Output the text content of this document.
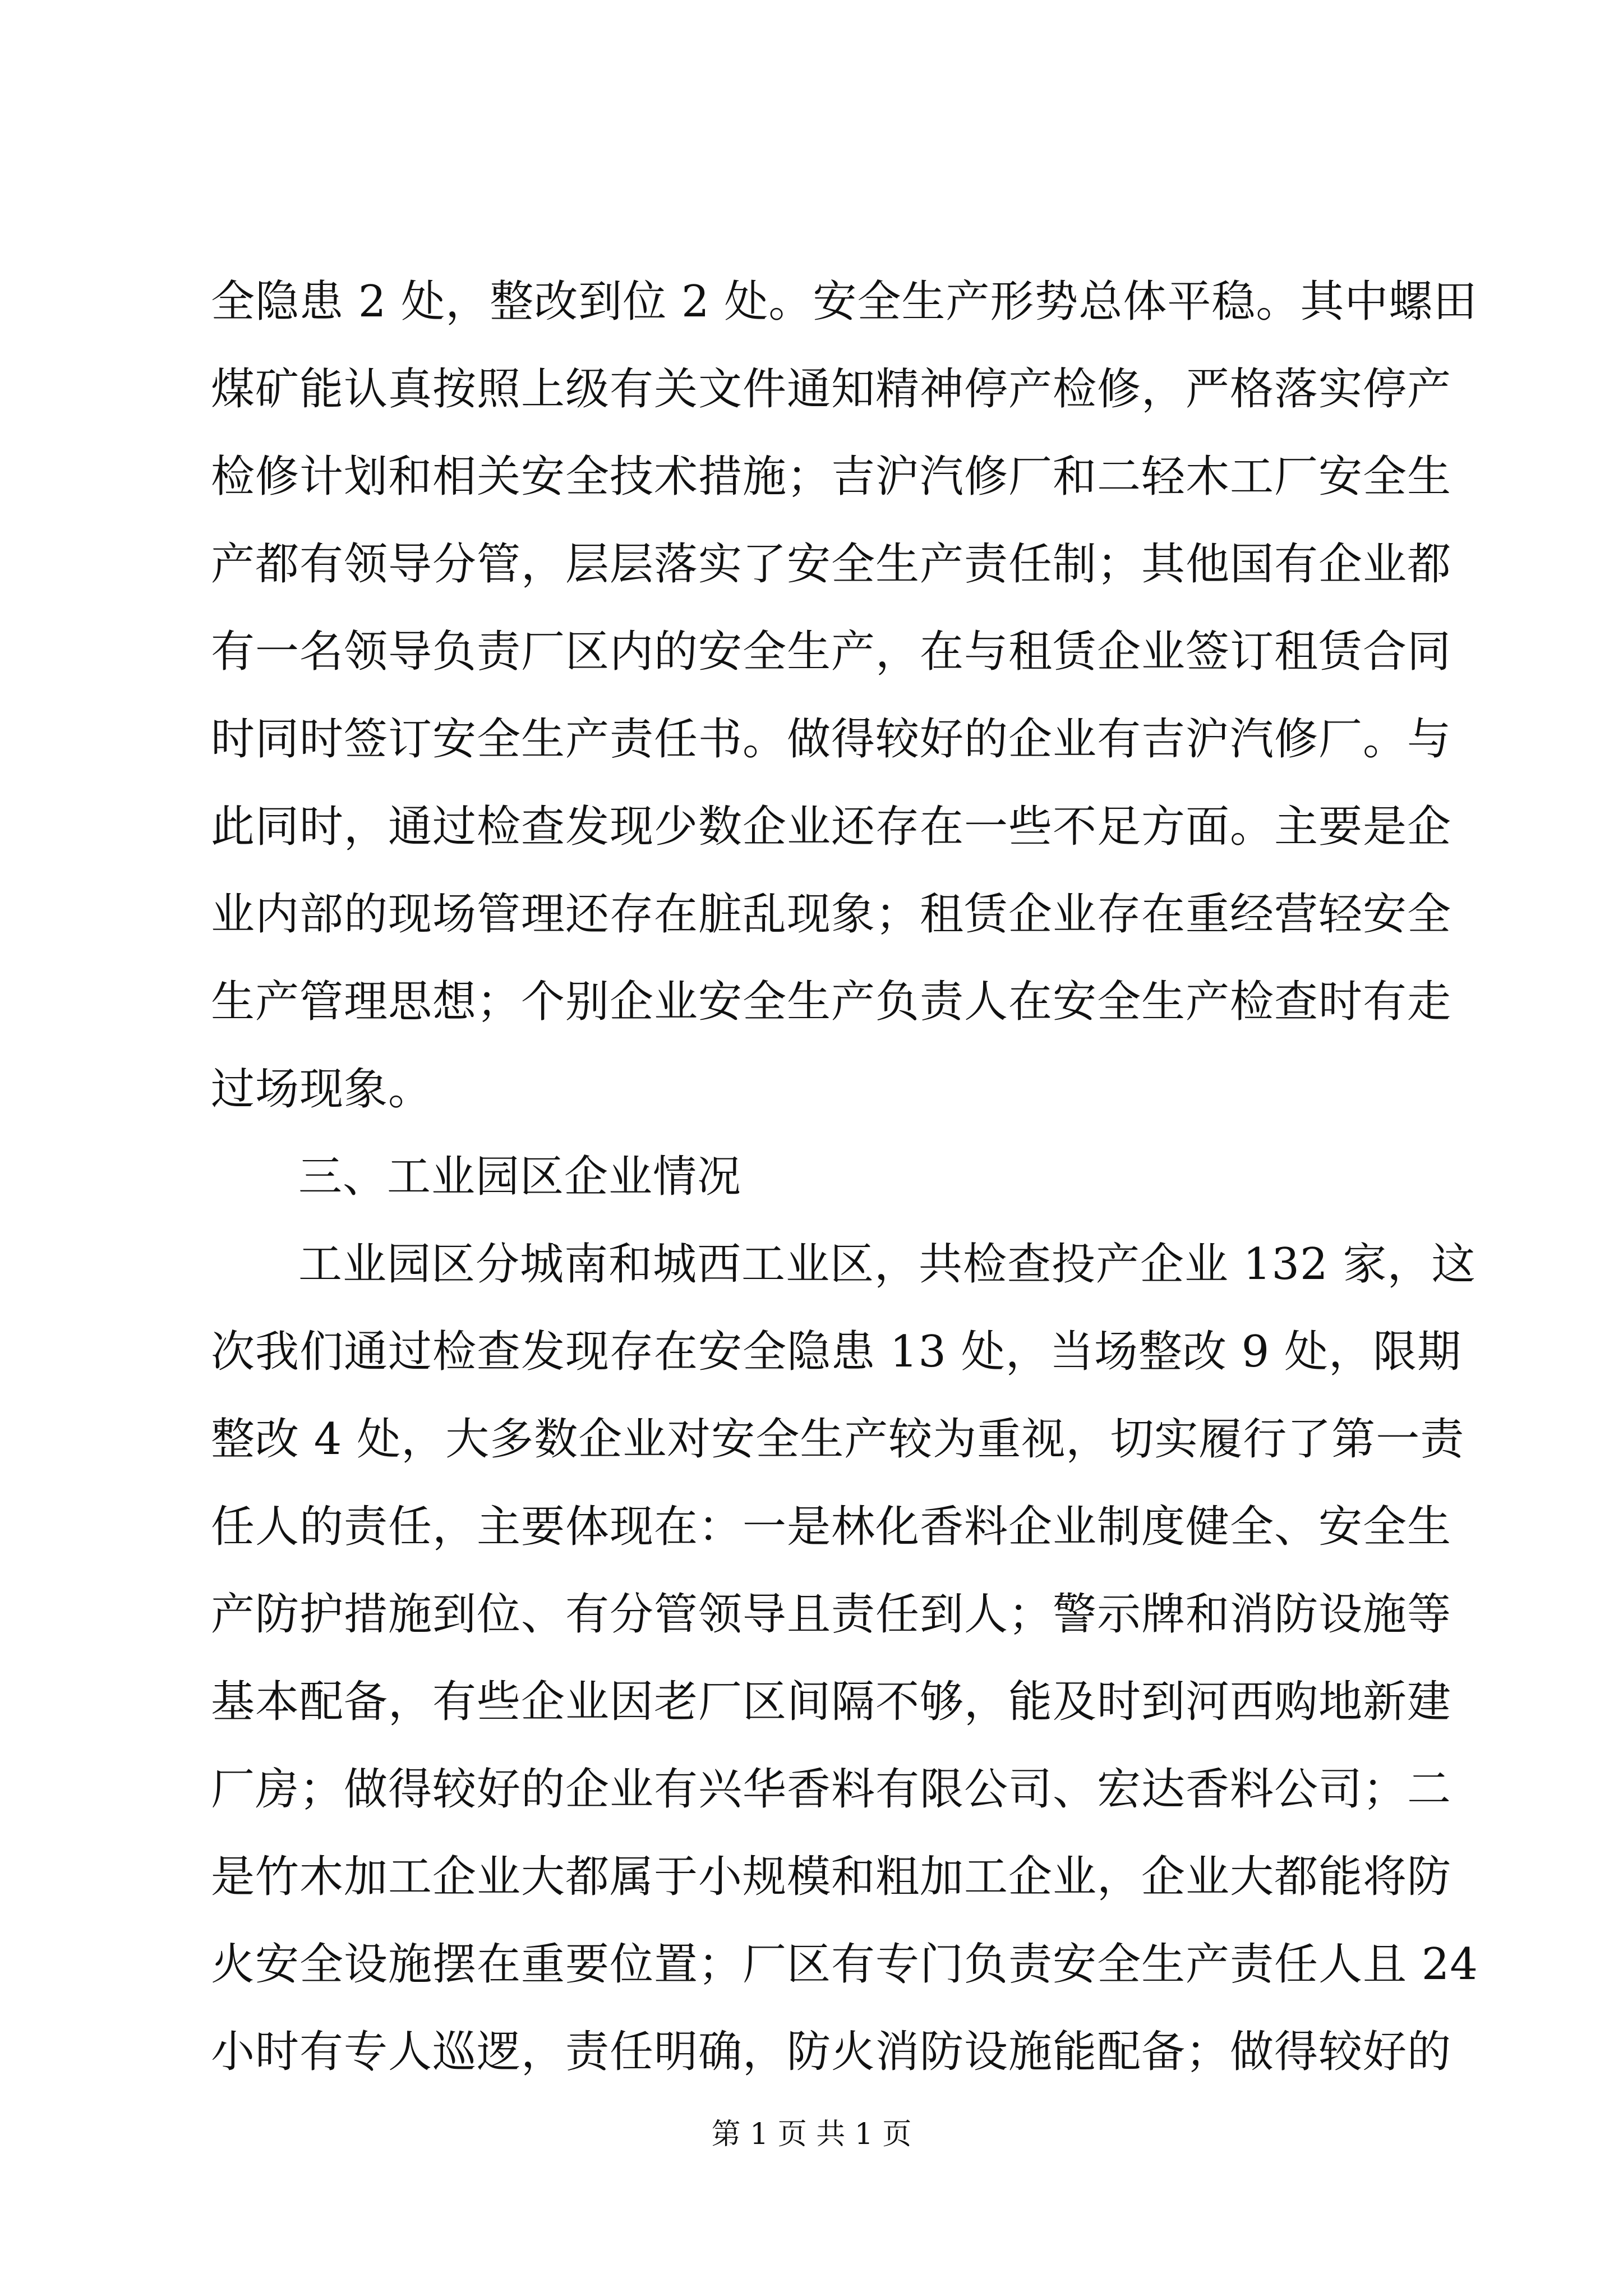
全隐患 2 处，整改到位 2 处。安全生产形势总体平稳。其中螺田
煤矿能认真按照上级有关文件通知精神停产检修，严格落实停产
检修计划和相关安全技术措施；吉沪汽修厂和二轻木工厂安全生
产都有领导分管，层层落实了安全生产责任制；其他国有企业都
有一名领导负责厂区内的安全生产，在与租赁企业签订租赁合同
时同时签订安全生产责任书。做得较好的企业有吉沪汽修厂。与
此同时，通过检查发现少数企业还存在一些不足方面。主要是企
业内部的现场管理还存在脏乱现象；租赁企业存在重经营轻安全
生产管理思想；个别企业安全生产负责人在安全生产检查时有走
过场现象。
三、工业园区企业情况
工业园区分城南和城西工业区，共检查投产企业 132 家，这
次我们通过检查发现存在安全隐患 13 处，当场整改 9 处，限期
整改 4 处，大多数企业对安全生产较为重视，切实履行了第一责
任人的责任，主要体现在：一是林化香料企业制度健全、安全生
产防护措施到位、有分管领导且责任到人；警示牌和消防设施等
基本配备，有些企业因老厂区间隔不够，能及时到河西购地新建
厂房；做得较好的企业有兴华香料有限公司、宏达香料公司；二
是竹木加工企业大都属于小规模和粗加工企业，企业大都能将防
火安全设施摆在重要位置；厂区有专门负责安全生产责任人且 24
小时有专人巡逻，责任明确，防火消防设施能配备；做得较好的
第 1 页 共 1 页
